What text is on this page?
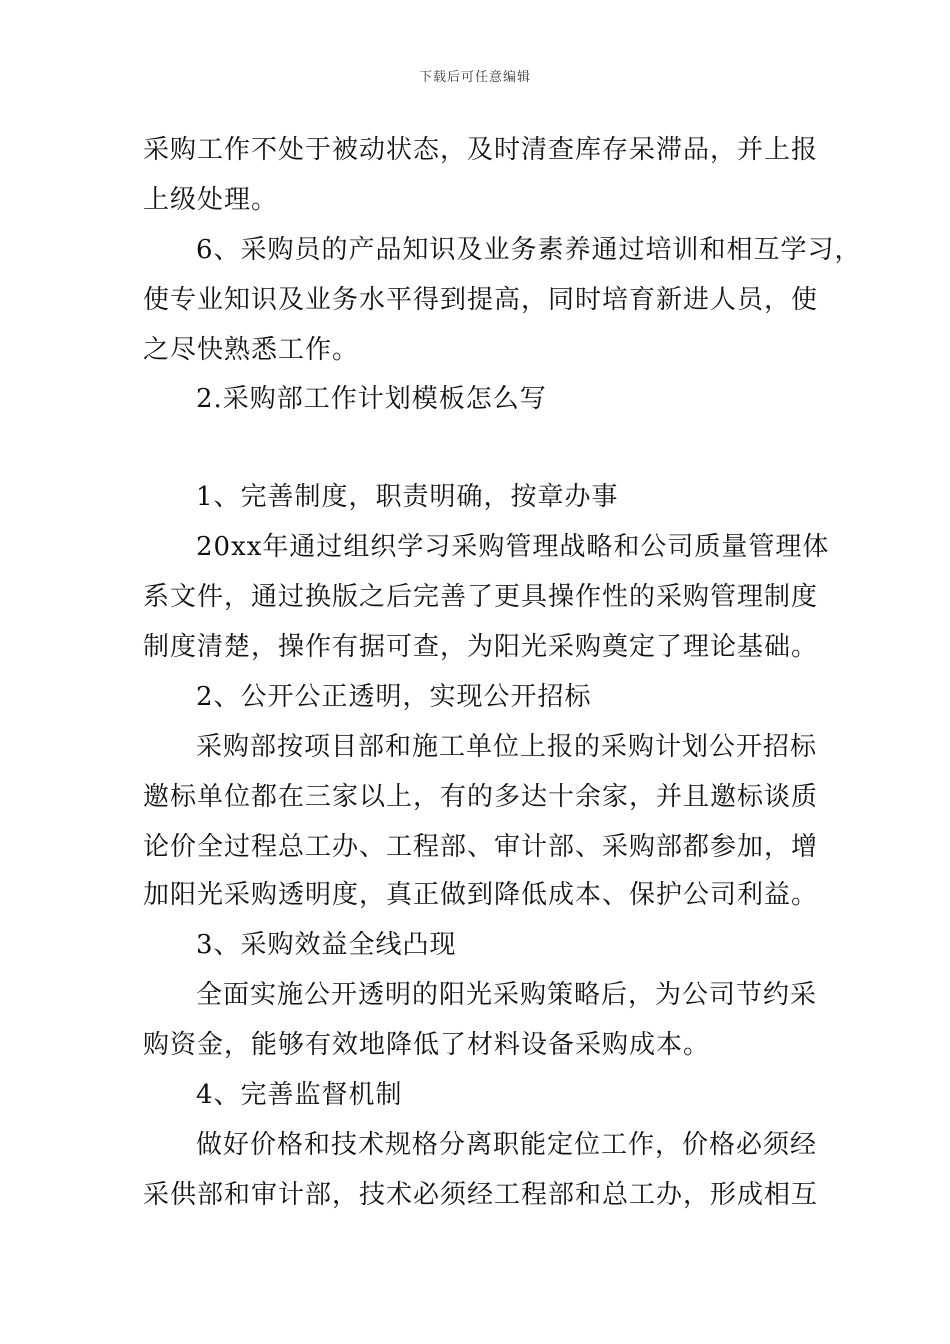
下载后可任意编辑
采购工作不处于被动状态，及时清查库存呆滞品，并上报
上级处理。
6、采购员的产品知识及业务素养通过培训和相互学习，
使专业知识及业务水平得到提高，同时培育新进人员，使
之尽快熟悉工作。
2.采购部工作计划模板怎么写
1、完善制度，职责明确，按章办事
20xx年通过组织学习采购管理战略和公司质量管理体
系文件，通过换版之后完善了更具操作性的采购管理制度
制度清楚，操作有据可查，为阳光采购奠定了理论基础。
2、公开公正透明，实现公开招标
采购部按项目部和施工单位上报的采购计划公开招标
邀标单位都在三家以上，有的多达十余家，并且邀标谈质
论价全过程总工办、工程部、审计部、采购部都参加，增
加阳光采购透明度，真正做到降低成本、保护公司利益。
3、采购效益全线凸现
全面实施公开透明的阳光采购策略后，为公司节约采
购资金，能够有效地降低了材料设备采购成本。
4、完善监督机制
做好价格和技术规格分离职能定位工作，价格必须经
采供部和审计部，技术必须经工程部和总工办，形成相互
